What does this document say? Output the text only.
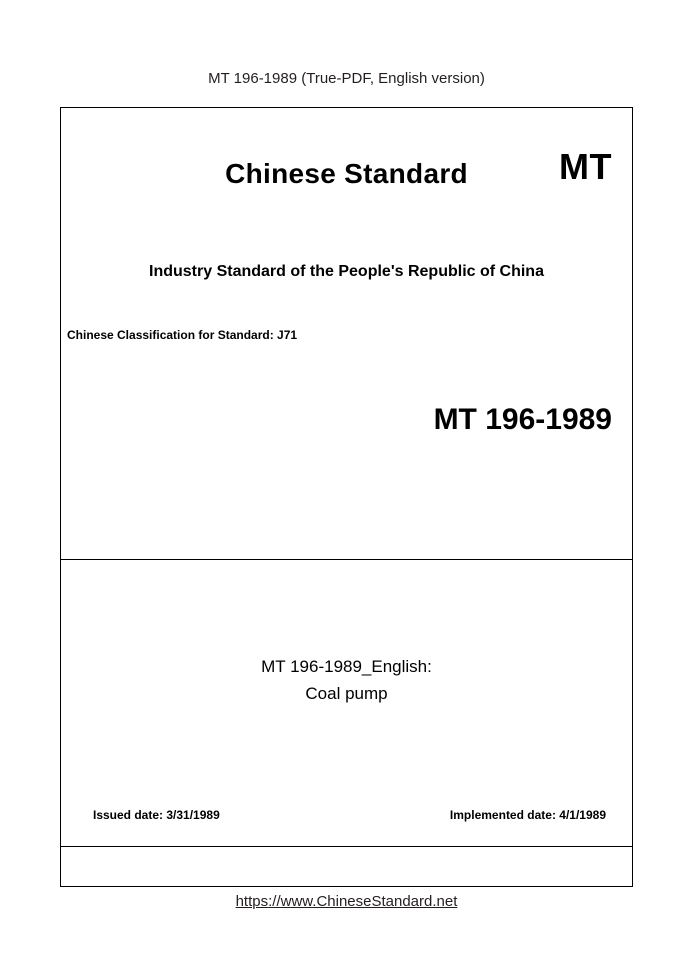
MT 196-1989 (True-PDF, English version)
Chinese Standard	MT
Industry Standard of the People's Republic of China
Chinese Classification for Standard: J71
MT 196-1989
MT 196-1989_English:
Coal pump
Issued date: 3/31/1989	Implemented date: 4/1/1989
https://www.ChineseStandard.net
